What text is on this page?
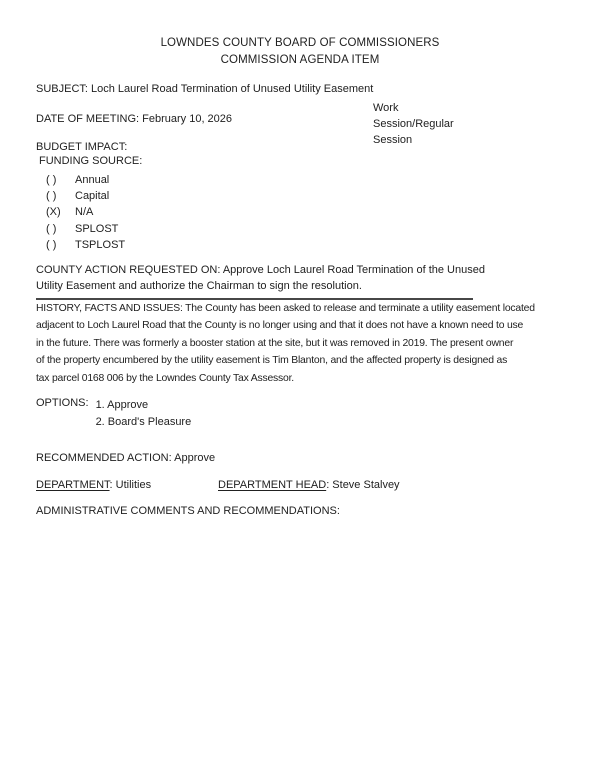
LOWNDES COUNTY BOARD OF COMMISSIONERS
COMMISSION AGENDA ITEM
SUBJECT: Loch Laurel Road Termination of Unused Utility Easement
Work Session/Regular Session
DATE OF MEETING: February 10, 2026
BUDGET IMPACT:
FUNDING SOURCE:
( ) Annual
( ) Capital
(X) N/A
( ) SPLOST
( ) TSPLOST
COUNTY ACTION REQUESTED ON: Approve Loch Laurel Road Termination of the Unused
Utility Easement and authorize the Chairman to sign the resolution.
HISTORY, FACTS AND ISSUES: The County has been asked to release and terminate a utility easement located
adjacent to Loch Laurel Road that the County is no longer using and that it does not have a known need to use
in the future. There was formerly a booster station at the site, but it was removed in 2019. The present owner
of the property encumbered by the utility easement is Tim Blanton, and the affected property is designed as
tax parcel 0168 006 by the Lowndes County Tax Assessor.
OPTIONS: 1. Approve
2. Board's Pleasure
RECOMMENDED ACTION: Approve
DEPARTMENT: Utilities	DEPARTMENT HEAD: Steve Stalvey
ADMINISTRATIVE COMMENTS AND RECOMMENDATIONS:
